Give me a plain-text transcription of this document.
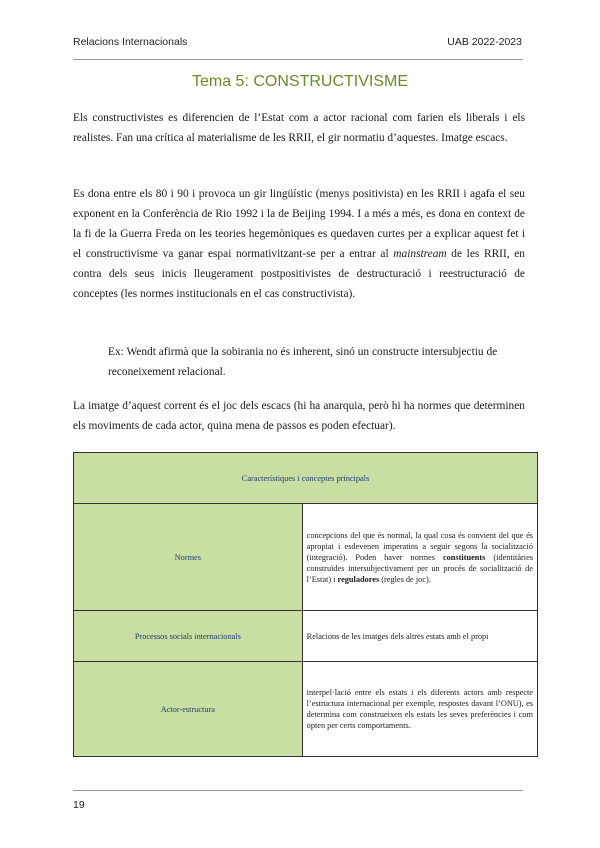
Relacions Internacionals	UAB 2022-2023
Tema 5: CONSTRUCTIVISME

Els constructivistes es diferencien de l’Estat com a actor racional com farien els liberals i els realistes. Fan una crítica al materialisme de les RRII, el gir normatiu d’aquestes. Imatge escacs.

Es dona entre els 80 i 90 i provoca un gir lingüístic (menys positivista) en les RRII i agafa el seu exponent en la Conferència de Rio 1992 i la de Beijing 1994. I a més a més, es dona en context de la fi de la Guerra Freda on les teories hegemòniques es quedaven curtes per a explicar aquest fet i el constructivisme va ganar espai normativitzant-se per a entrar al mainstream de les RRII, en contra dels seus inicis lleugerament postpositivistes de destructuració i reestructuració de conceptes (les normes institucionals en el cas constructivista).

Ex: Wendt afirmà que la sobirania no és inherent, sinó un constructe intersubjectiu de reconeixement relacional.

La imatge d’aquest corrent és el joc dels escacs (hi ha anarquia, però hi ha normes que determinen els moviments de cada actor, quina mena de passos es poden efectuar).

Característiques i conceptes principals	
Normes	concepcions del que és normal, la qual cosa és convient del que és apropiat i esdevenen imperatins a seguir segons la socialització (integració). Poden haver normes constituents (identitàries construïdes intersubjectivament per un procés de socialització de l’Estat) i reguladores (regles de joc).
Processos socials internacionals	Relacions de les imatges dels altres estats amb el propi
Actor-estructura	interpel·lació entre els estats i els diferents actors amb respecte l’estructura internacional per exemple, respostes davant l’ONU), es determina com construeixen els estats les seves preferències i com opten per certs comportaments.
19
